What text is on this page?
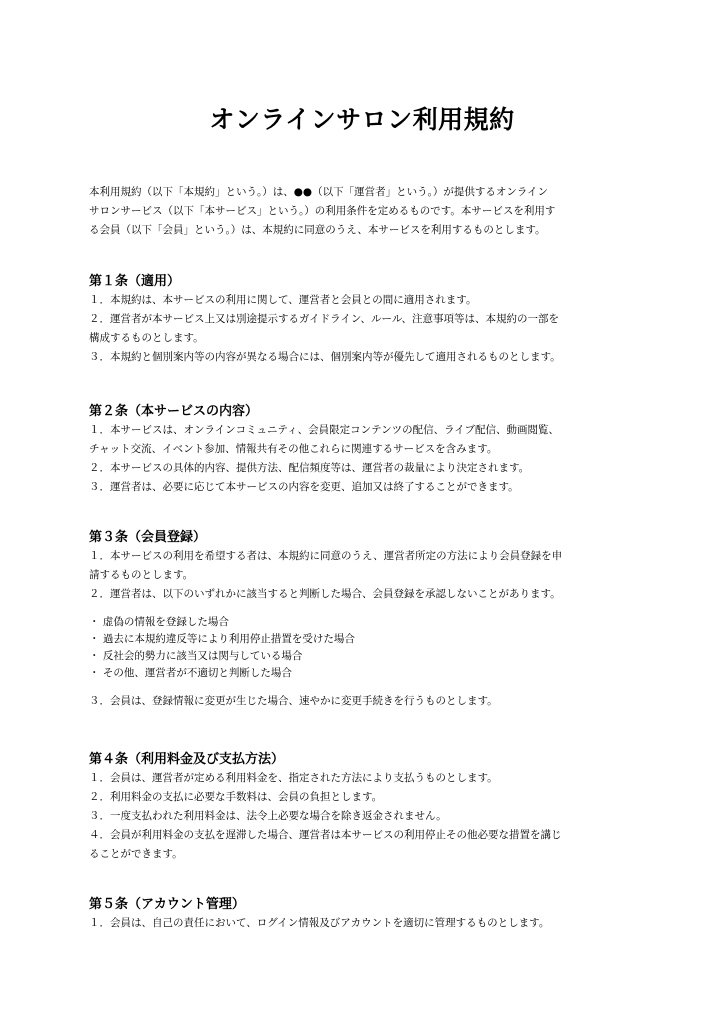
オンラインサロン利用規約
本利用規約（以下「本規約」という。）は、●●（以下「運営者」という。）が提供するオンライン
サロンサービス（以下「本サービス」という。）の利用条件を定めるものです。本サービスを利用す
る会員（以下「会員」という。）は、本規約に同意のうえ、本サービスを利用するものとします。
第１条（適用）
１．本規約は、本サービスの利用に関して、運営者と会員との間に適用されます。
２．運営者が本サービス上又は別途提示するガイドライン、ルール、注意事項等は、本規約の一部を
構成するものとします。
３．本規約と個別案内等の内容が異なる場合には、個別案内等が優先して適用されるものとします。
第２条（本サービスの内容）
１．本サービスは、オンラインコミュニティ、会員限定コンテンツの配信、ライブ配信、動画閲覧、
チャット交流、イベント参加、情報共有その他これらに関連するサービスを含みます。
２．本サービスの具体的内容、提供方法、配信頻度等は、運営者の裁量により決定されます。
３．運営者は、必要に応じて本サービスの内容を変更、追加又は終了することができます。
第３条（会員登録）
１．本サービスの利用を希望する者は、本規約に同意のうえ、運営者所定の方法により会員登録を申
請するものとします。
２．運営者は、以下のいずれかに該当すると判断した場合、会員登録を承認しないことがあります。
・ 虚偽の情報を登録した場合
・ 過去に本規約違反等により利用停止措置を受けた場合
・ 反社会的勢力に該当又は関与している場合
・ その他、運営者が不適切と判断した場合
３．会員は、登録情報に変更が生じた場合、速やかに変更手続きを行うものとします。
第４条（利用料金及び支払方法）
１．会員は、運営者が定める利用料金を、指定された方法により支払うものとします。
２．利用料金の支払に必要な手数料は、会員の負担とします。
３．一度支払われた利用料金は、法令上必要な場合を除き返金されません。
４．会員が利用料金の支払を遅滞した場合、運営者は本サービスの利用停止その他必要な措置を講じ
ることができます。
第５条（アカウント管理）
１．会員は、自己の責任において、ログイン情報及びアカウントを適切に管理するものとします。
